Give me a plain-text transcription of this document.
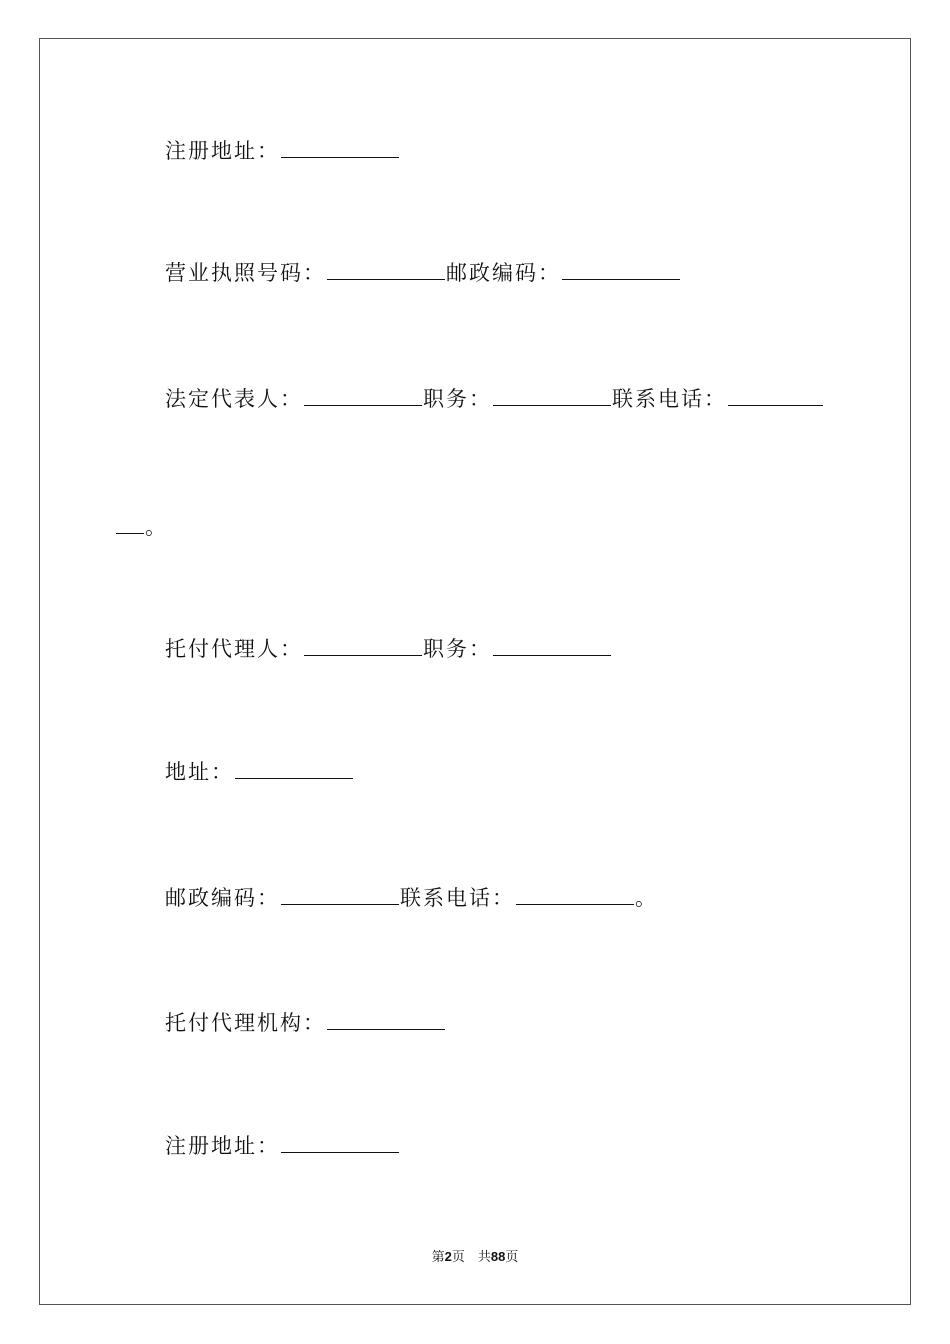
注册地址：
营业执照号码：	邮政编码：
法定代表人：	职务：	联系电话：
。
托付代理人：	职务：
地址：
邮政编码：	联系电话：	。
托付代理机构：
注册地址：
第2页　共88页
